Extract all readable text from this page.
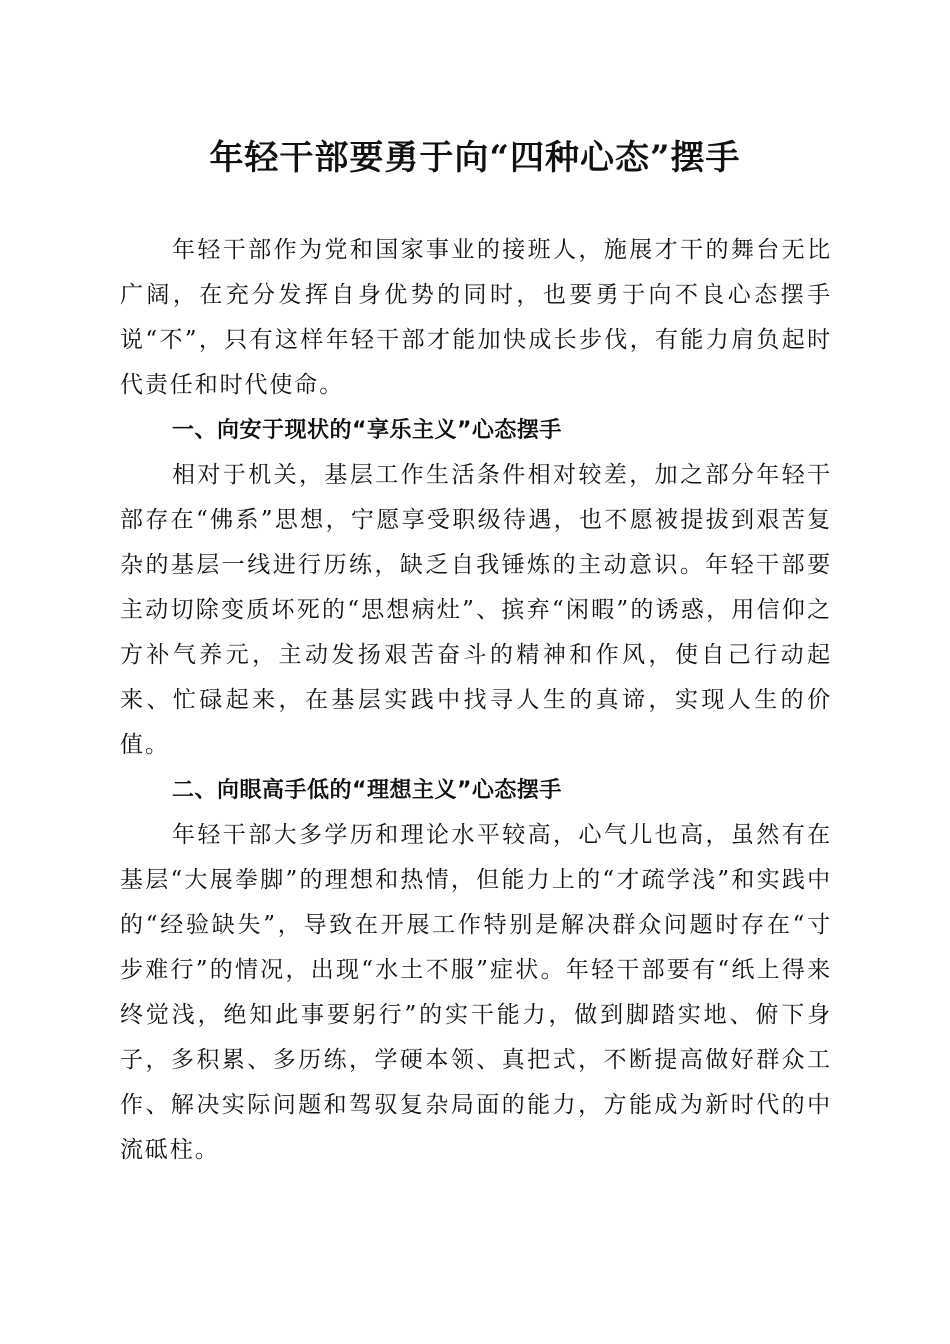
年轻干部要勇于向“四种心态”摆手

年轻干部作为党和国家事业的接班人，施展才干的舞台无比广阔，在充分发挥自身优势的同时，也要勇于向不良心态摆手说“不”，只有这样年轻干部才能加快成长步伐，有能力肩负起时代责任和时代使命。

一、向安于现状的“享乐主义”心态摆手

相对于机关，基层工作生活条件相对较差，加之部分年轻干部存在“佛系”思想，宁愿享受职级待遇，也不愿被提拔到艰苦复杂的基层一线进行历练，缺乏自我锤炼的主动意识。年轻干部要主动切除变质坏死的“思想病灶”、摈弃“闲暇”的诱惑，用信仰之方补气养元，主动发扬艰苦奋斗的精神和作风，使自己行动起来、忙碌起来，在基层实践中找寻人生的真谛，实现人生的价值。

二、向眼高手低的“理想主义”心态摆手

年轻干部大多学历和理论水平较高，心气儿也高，虽然有在基层“大展拳脚”的理想和热情，但能力上的“才疏学浅”和实践中的“经验缺失”，导致在开展工作特别是解决群众问题时存在“寸步难行”的情况，出现“水土不服”症状。年轻干部要有“纸上得来终觉浅，绝知此事要躬行”的实干能力，做到脚踏实地、俯下身子，多积累、多历练，学硬本领、真把式，不断提高做好群众工作、解决实际问题和驾驭复杂局面的能力，方能成为新时代的中流砥柱。
